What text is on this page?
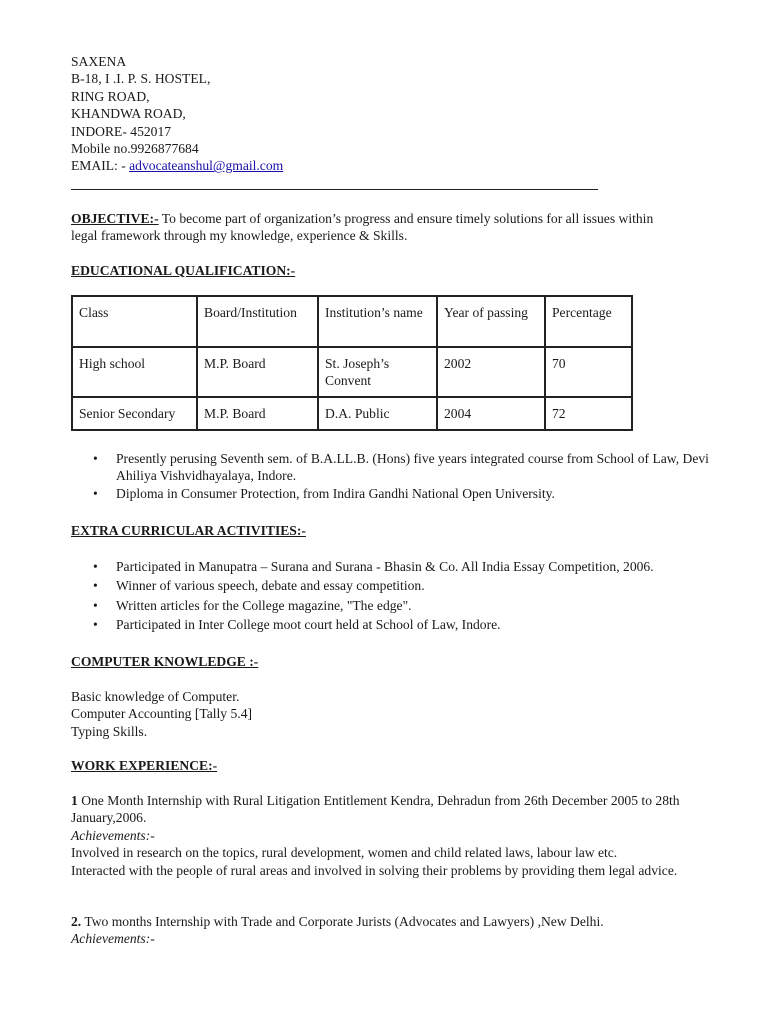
SAXENA
B-18, I .I. P. S. HOSTEL,
RING ROAD,
KHANDWA ROAD,
INDORE- 452017
Mobile no.9926877684
EMAIL: - advocateanshul@gmail.com
OBJECTIVE:- To become part of organization’s progress and ensure timely solutions for all issues within
legal framework through my knowledge, experience & Skills.
EDUCATIONAL QUALIFICATION:-
Class	Board/Institution	Institution’s name	Year of passing	Percentage
High school	M.P. Board	St. Joseph’s Convent	2002	70
Senior Secondary	M.P. Board	D.A. Public	2004	72
• Presently perusing Seventh sem. of B.A.LL.B. (Hons) five years integrated course from School of Law, Devi Ahiliya Vishvidhayalaya, Indore.
• Diploma in Consumer Protection, from Indira Gandhi National Open University.
EXTRA CURRICULAR ACTIVITIES:-
• Participated in Manupatra – Surana and Surana - Bhasin & Co. All India Essay Competition, 2006.
• Winner of various speech, debate and essay competition.
• Written articles for the College magazine, "The edge".
• Participated in Inter College moot court held at School of Law, Indore.
COMPUTER KNOWLEDGE :-
Basic knowledge of Computer.
Computer Accounting [Tally 5.4]
Typing Skills.
WORK EXPERIENCE:-
1 One Month Internship with Rural Litigation Entitlement Kendra, Dehradun from 26th December 2005 to 28th January,2006.
Achievements:-
Involved in research on the topics, rural development, women and child related laws, labour law etc.
Interacted with the people of rural areas and involved in solving their problems by providing them legal advice.
2. Two months Internship with Trade and Corporate Jurists (Advocates and Lawyers) ,New Delhi.
Achievements:-
